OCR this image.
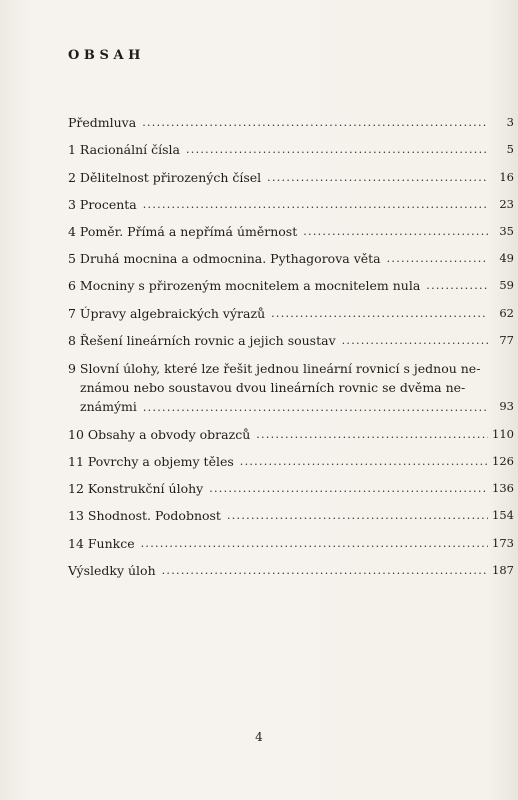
OBSAH
Předmluva .....	3
1 Racionální čísla .....	5
2 Dělitelnost přirozených čísel .....	16
3 Procenta .....	23
4 Poměr. Přímá a nepřímá úměrnost .....	35
5 Druhá mocnina a odmocnina. Pythagorova věta .....	49
6 Mocniny s přirozeným mocnitelem a mocnitelem nula .....	59
7 Úpravy algebraických výrazů .....	62
8 Řešení lineárních rovnic a jejich soustav .....	77
9 Slovní úlohy, které lze řešit jednou lineární rovnicí s jednou ne-
známou nebo soustavou dvou lineárních rovnic se dvěma ne-
známými .....	93
10 Obsahy a obvody obrazců .....	110
11 Povrchy a objemy těles .....	126
12 Konstrukční úlohy .....	136
13 Shodnost. Podobnost .....	154
14 Funkce .....	173
Výsledky úloh .....	187
4
